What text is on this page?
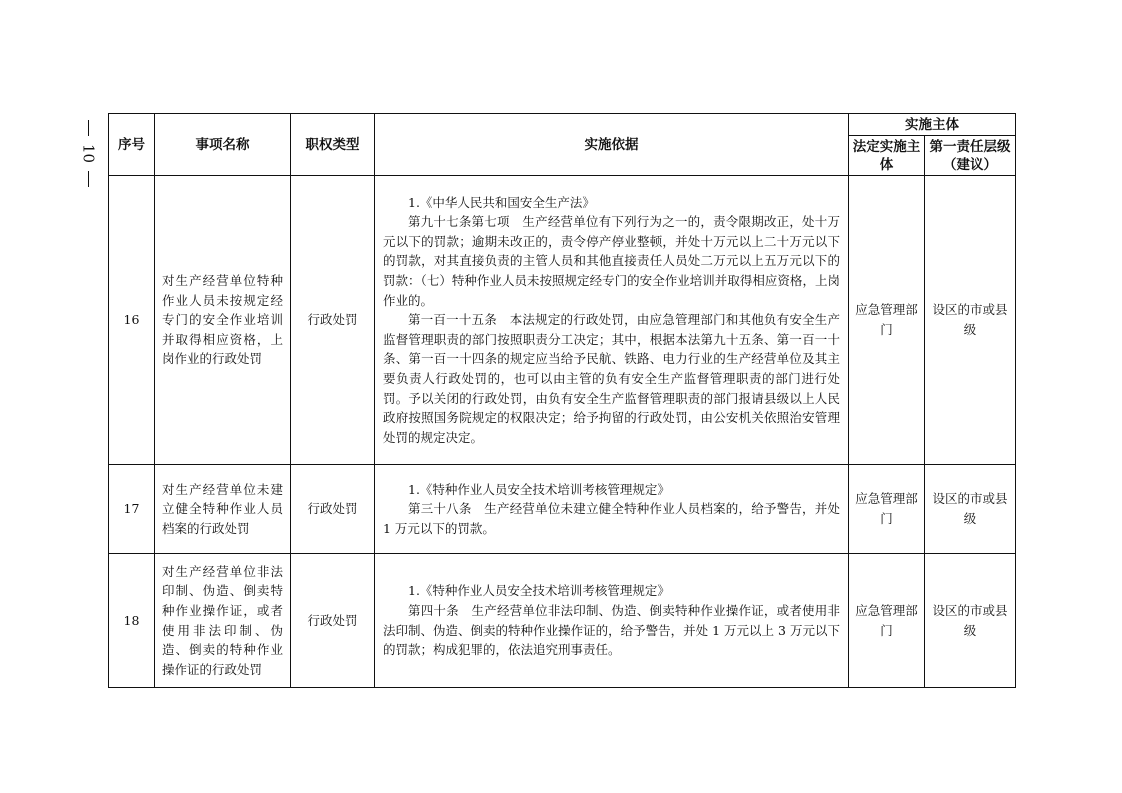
10 序号	事项名称	职权类型	实施依据	实施主体	
				法定实施主体	第一责任层级（建议）
16	对生产经营单位特种作业人员未按规定经专门的安全作业培训并取得相应资格，上岗作业的行政处罚	行政处罚	1.《中华人民共和国安全生产法》

第九十七条第七项　生产经营单位有下列行为之一的，责令限期改正，处十万元以下的罚款；逾期未改正的，责令停产停业整顿，并处十万元以上二十万元以下的罚款，对其直接负责的主管人员和其他直接责任人员处二万元以上五万元以下的罚款：（七）特种作业人员未按照规定经专门的安全作业培训并取得相应资格，上岗作业的。

第一百一十五条　本法规定的行政处罚，由应急管理部门和其他负有安全生产监督管理职责的部门按照职责分工决定；其中，根据本法第九十五条、第一百一十条、第一百一十四条的规定应当给予民航、铁路、电力行业的生产经营单位及其主要负责人行政处罚的，也可以由主管的负有安全生产监督管理职责的部门进行处罚。予以关闭的行政处罚，由负有安全生产监督管理职责的部门报请县级以上人民政府按照国务院规定的权限决定；给予拘留的行政处罚，由公安机关依照治安管理处罚的规定决定。	应急管理部门	设区的市或县级
17	对生产经营单位未建立健全特种作业人员档案的行政处罚	行政处罚	1.《特种作业人员安全技术培训考核管理规定》

第三十八条　生产经营单位未建立健全特种作业人员档案的，给予警告，并处 1 万元以下的罚款。	应急管理部门	设区的市或县级
18	对生产经营单位非法印制、伪造、倒卖特种作业操作证，或者使用非法印制、伪造、倒卖的特种作业操作证的行政处罚	行政处罚	1.《特种作业人员安全技术培训考核管理规定》

第四十条　生产经营单位非法印制、伪造、倒卖特种作业操作证，或者使用非法印制、伪造、倒卖的特种作业操作证的，给予警告，并处 1 万元以上 3 万元以下的罚款；构成犯罪的，依法追究刑事责任。	应急管理部门	设区的市或县级
